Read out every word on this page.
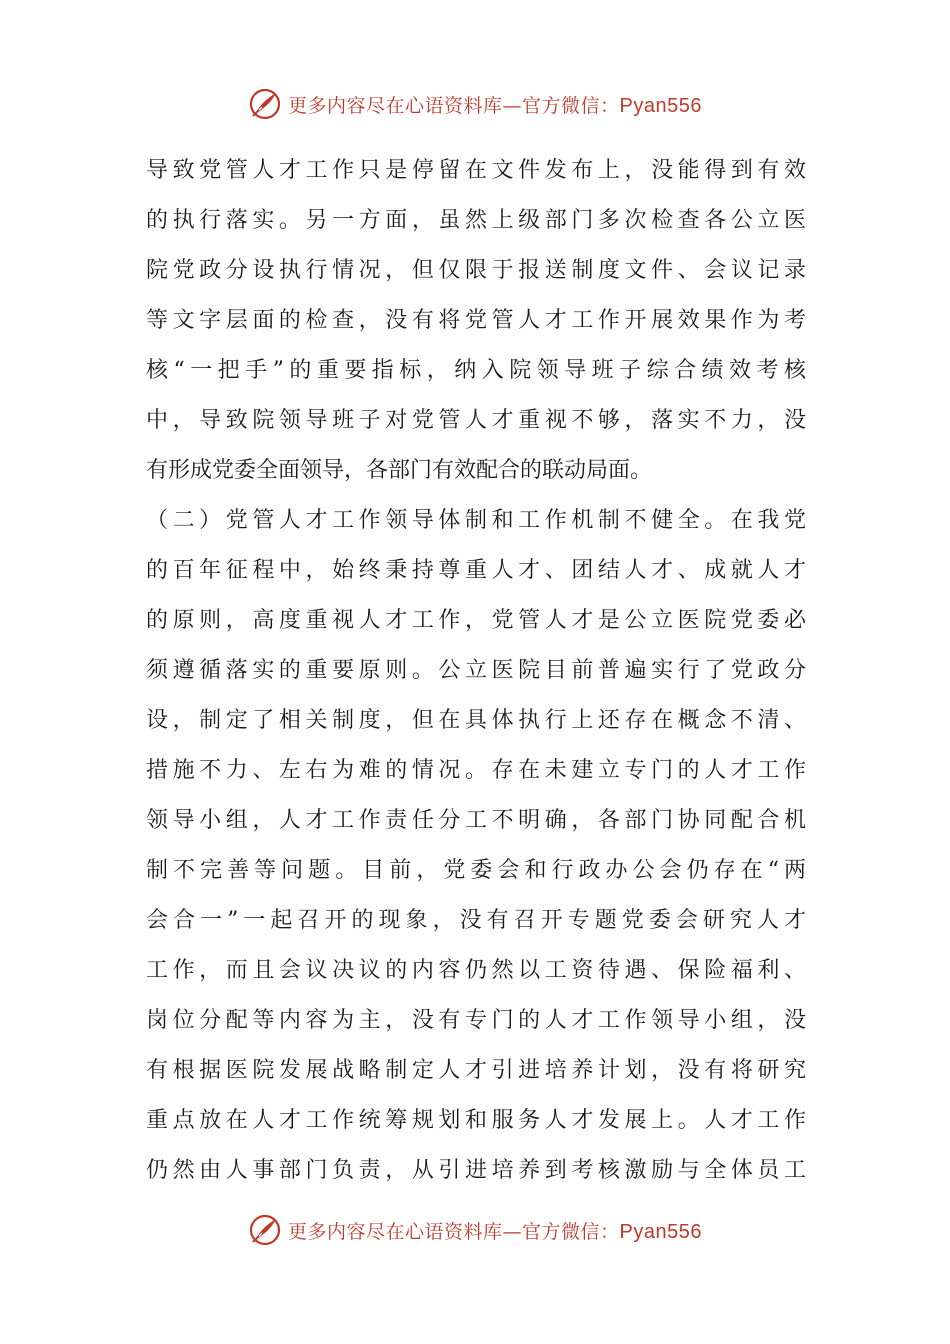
更多内容尽在心语资料库—官方微信：Pyan556
导致党管人才工作只是停留在文件发布上，没能得到有效
的执行落实。另一方面，虽然上级部门多次检查各公立医
院党政分设执行情况，但仅限于报送制度文件、会议记录
等文字层面的检查，没有将党管人才工作开展效果作为考
核“一把手”的重要指标，纳入院领导班子综合绩效考核
中，导致院领导班子对党管人才重视不够，落实不力，没
有形成党委全面领导，各部门有效配合的联动局面。
（二）党管人才工作领导体制和工作机制不健全。在我党
的百年征程中，始终秉持尊重人才、团结人才、成就人才
的原则，高度重视人才工作，党管人才是公立医院党委必
须遵循落实的重要原则。公立医院目前普遍实行了党政分
设，制定了相关制度，但在具体执行上还存在概念不清、
措施不力、左右为难的情况。存在未建立专门的人才工作
领导小组，人才工作责任分工不明确，各部门协同配合机
制不完善等问题。目前，党委会和行政办公会仍存在“两
会合一”一起召开的现象，没有召开专题党委会研究人才
工作，而且会议决议的内容仍然以工资待遇、保险福利、
岗位分配等内容为主，没有专门的人才工作领导小组，没
有根据医院发展战略制定人才引进培养计划，没有将研究
重点放在人才工作统筹规划和服务人才发展上。人才工作
仍然由人事部门负责，从引进培养到考核激励与全体员工
更多内容尽在心语资料库—官方微信：Pyan556
